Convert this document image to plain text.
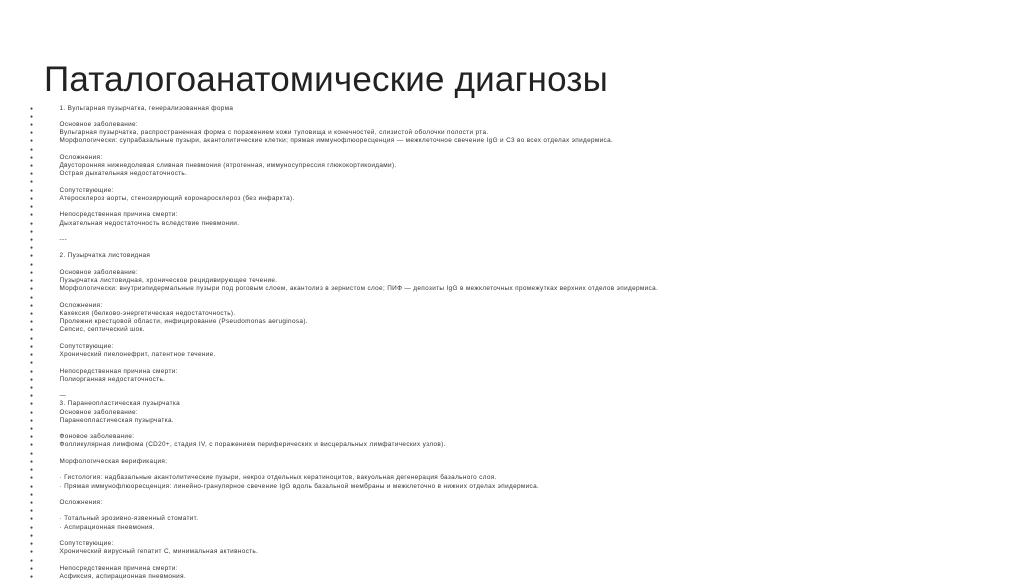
Паталогоанатомические диагнозы
●	1. Вульгарная пузырчатка, генерализованная форма
●
●	Основное заболевание:
●	Вульгарная пузырчатка, распространенная форма с поражением кожи туловища и конечностей, слизистой оболочки полости рта.
●	Морфологически: супрабазальные пузыри, акантолитические клетки; прямая иммунофлюоресценция — межклеточное свечение IgG и C3 во всех отделах эпидермиса.
●
●	Осложнения:
●	Двусторонняя нижнедолевая сливная пневмония (ятрогенная, иммуносупрессия глюкокортикоидами).
●	Острая дыхательная недостаточность.
●
●	Сопутствующие:
●	Атеросклероз аорты, стенозирующий коронаросклероз (без инфаркта).
●
●	Непосредственная причина смерти:
●	Дыхательная недостаточность вследствие пневмонии.
●
●	---
●
●	2. Пузырчатка листовидная
●
●	Основное заболевание:
●	Пузырчатка листовидная, хроническое рецидивирующее течение.
●	Морфологически: внутриэпидермальные пузыри под роговым слоем, акантолиз в зернистом слое; ПИФ — депозиты IgG в межклеточных промежутках верхних отделов эпидермиса.
●
●	Осложнения:
●	Кахексия (белково-энергетическая недостаточность).
●	Пролежни крестцовой области, инфицирование (Pseudomonas aeruginosa).
●	Сепсис, септический шок.
●
●	Сопутствующие:
●	Хронический пиелонефрит, латентное течение.
●
●	Непосредственная причина смерти:
●	Полиорганная недостаточность.
●
●	—
●	3. Паранеопластическая пузырчатка
●	Основное заболевание:
●	Паранеопластическая пузырчатка.
●
●	Фоновое заболевание:
●	Фолликулярная лимфома (CD20+, стадия IV, с поражением периферических и висцеральных лимфатических узлов).
●
●	Морфологическая верификация:
●
●	· Гистология: надбазальные акантолитические пузыри, некроз отдельных кератиноцитов, вакуольная дегенерация базального слоя.
●	· Прямая иммунофлюоресценция: линейно-гранулярное свечение IgG вдоль базальной мембраны и межклеточно в нижних отделах эпидермиса.
●
●	Осложнения:
●
●	· Тотальный эрозивно-язвенный стоматит.
●	· Аспирационная пневмония.
●
●	Сопутствующие:
●	Хронический вирусный гепатит C, минимальная активность.
●
●	Непосредственная причина смерти:
●	Асфиксия, аспирационная пневмония.
